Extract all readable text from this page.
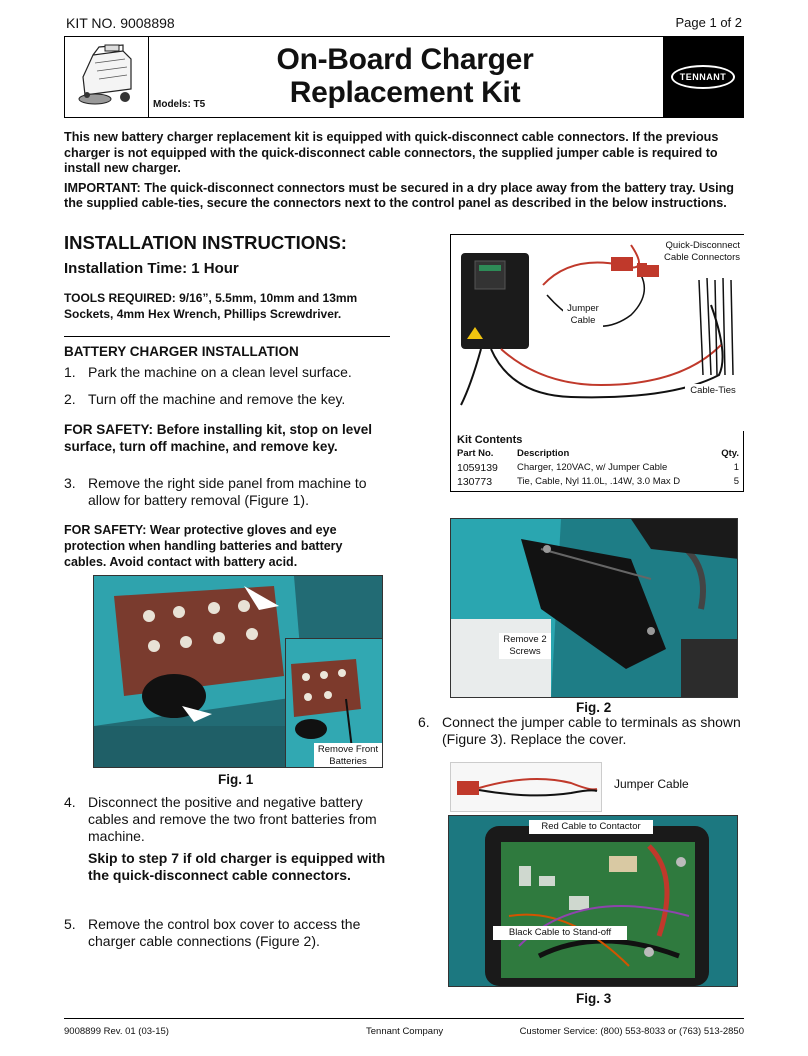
KIT NO. 9008898	Page 1 of 2
Models: T5
On-Board Charger
Replacement Kit	TENNANT

This new battery charger replacement kit is equipped with quick-disconnect cable connectors. If the previous charger is not equipped with the quick-disconnect cable connectors, the supplied jumper cable is required to install new charger.

IMPORTANT: The quick-disconnect connectors must be secured in a dry place away from the battery tray. Using the supplied cable-ties, secure the connectors next to the control panel as described in the below instructions.

INSTALLATION INSTRUCTIONS:
Installation Time: 1 Hour
TOOLS REQUIRED: 9/16”, 5.5mm, 10mm and 13mm Sockets, 4mm Hex Wrench, Phillips Screwdriver.
BATTERY CHARGER INSTALLATION
1. Park the machine on a clean level surface.
2. Turn off the machine and remove the key.
FOR SAFETY: Before installing kit, stop on level surface, turn off machine, and remove key.
3. Remove the right side panel from machine to allow for battery removal (Figure 1).
FOR SAFETY: Wear protective gloves and eye protection when handling batteries and battery cables. Avoid contact with battery acid.
Remove Front Batteries
Fig. 1
4. Disconnect the positive and negative battery cables and remove the two front batteries from machine.
Skip to step 7 if old charger is equipped with the quick-disconnect cable connectors.
5. Remove the control box cover to access the charger cable connections (Figure 2).
Quick-Disconnect Cable Connectors
Jumper Cable
Cable-Ties
Kit Contents
Part No.	Description	Qty.
1059139	Charger, 120VAC, w/ Jumper Cable	1
130773	Tie, Cable, Nyl 11.0L, .14W, 3.0 Max D	5
Remove 2 Screws
Fig. 2
6. Connect the jumper cable to terminals as shown (Figure 3). Replace the cover.
Jumper Cable
Red Cable to Contactor
Black Cable to Stand-off
Fig. 3
9008899 Rev. 01 (03-15)	Tennant Company	Customer Service: (800) 553-8033 or (763) 513-2850
